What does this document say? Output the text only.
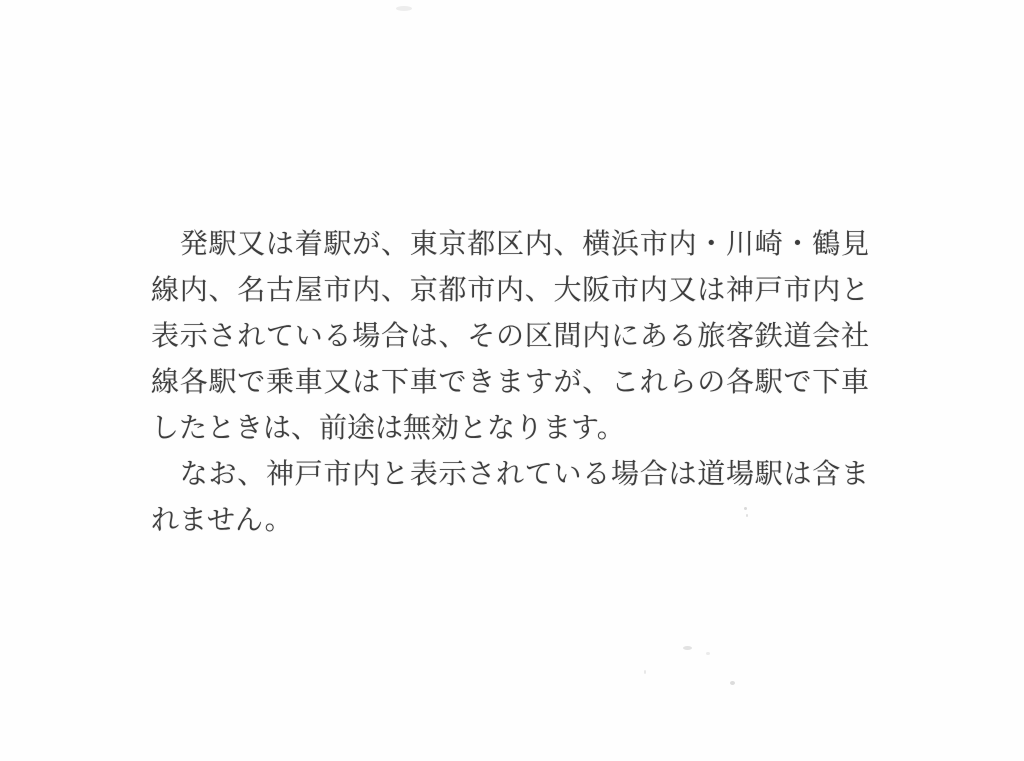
　発駅又は着駅が、東京都区内、横浜市内・川崎・鶴見
線内、名古屋市内、京都市内、大阪市内又は神戸市内と
表示されている場合は、その区間内にある旅客鉄道会社
線各駅で乗車又は下車できますが、これらの各駅で下車
したときは、前途は無効となります。
　なお、神戸市内と表示されている場合は道場駅は含ま
れません。
